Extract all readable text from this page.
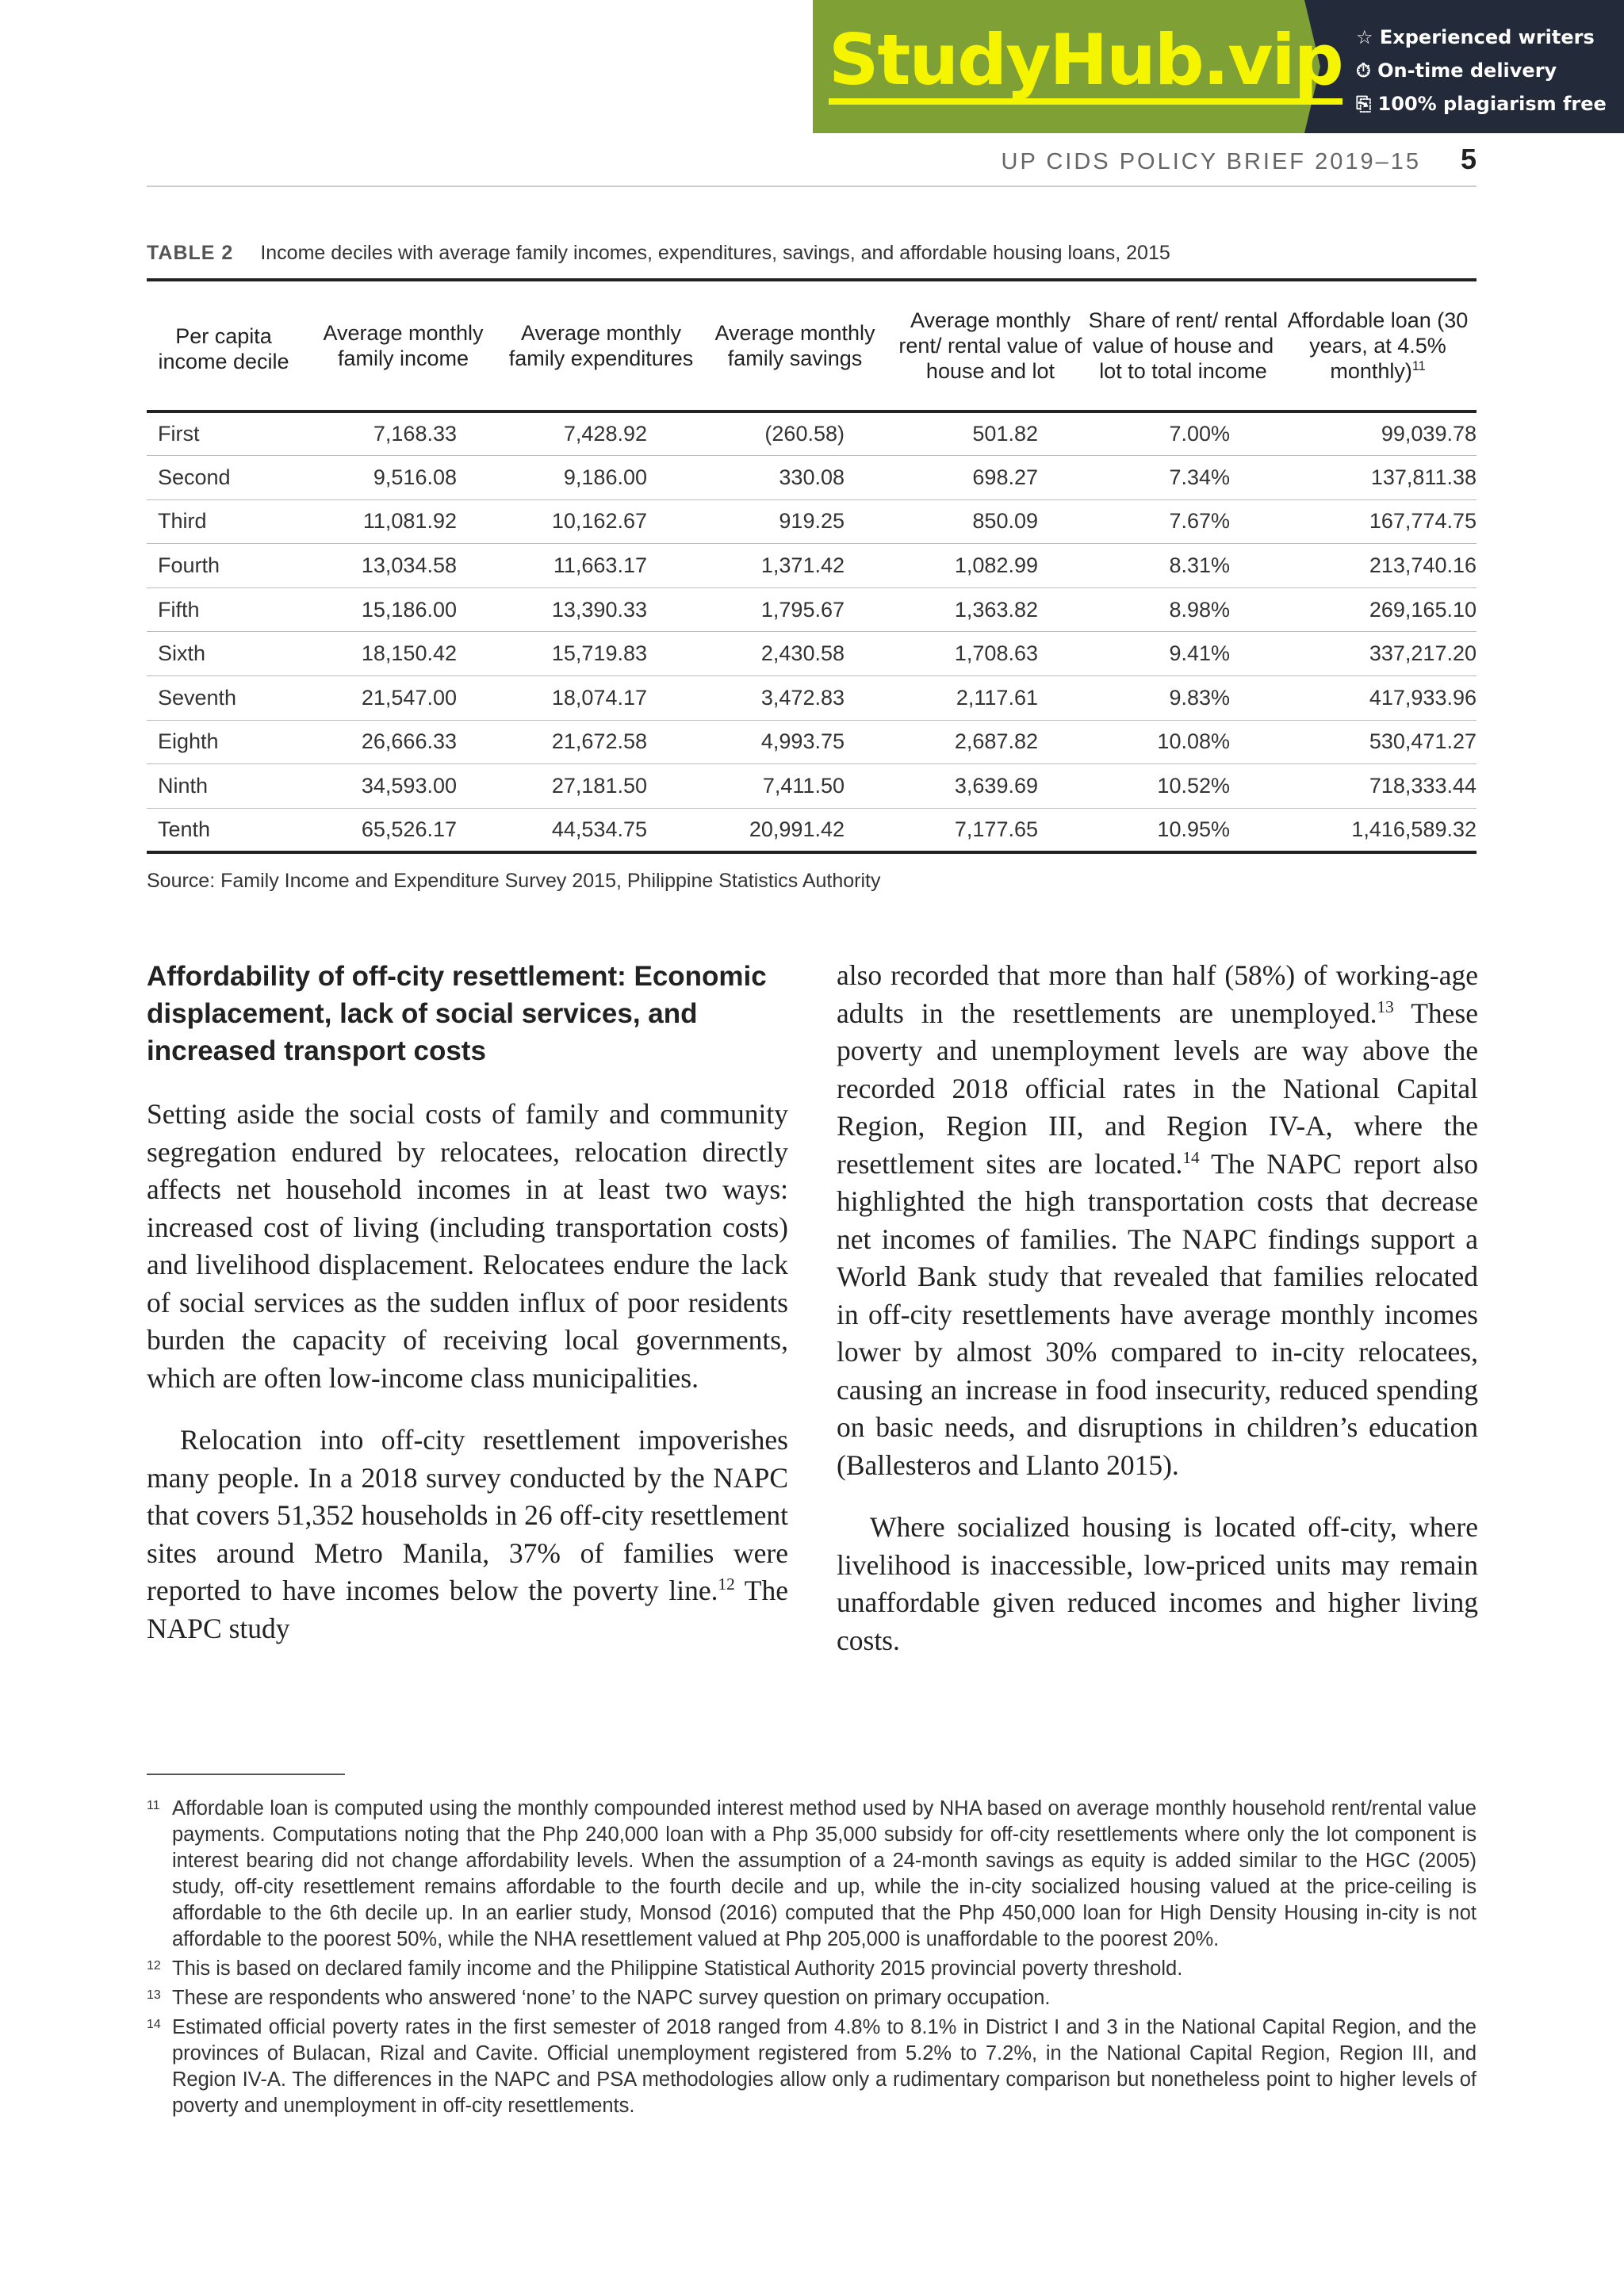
StudyHub.vip ☆ Experienced writers
⏱ On-time delivery
⎘ 100% plagiarism free
UP CIDS POLICY BRIEF 2019–15 5
TABLE 2 Income deciles with average family incomes, expenditures, savings, and affordable housing loans, 2015
Per capita income decile	Average monthly family income	Average monthly family expenditures	Average monthly family savings	Average monthly rent/ rental value of house and lot	Share of rent/ rental value of house and lot to total income	Affordable loan (30 years, at 4.5% monthly)$^{11}$
First	7,168.33	7,428.92	(260.58)	501.82	7.00%	99,039.78
Second	9,516.08	9,186.00	330.08	698.27	7.34%	137,811.38
Third	11,081.92	10,162.67	919.25	850.09	7.67%	167,774.75
Fourth	13,034.58	11,663.17	1,371.42	1,082.99	8.31%	213,740.16
Fifth	15,186.00	13,390.33	1,795.67	1,363.82	8.98%	269,165.10
Sixth	18,150.42	15,719.83	2,430.58	1,708.63	9.41%	337,217.20
Seventh	21,547.00	18,074.17	3,472.83	2,117.61	9.83%	417,933.96
Eighth	26,666.33	21,672.58	4,993.75	2,687.82	10.08%	530,471.27
Ninth	34,593.00	27,181.50	7,411.50	3,639.69	10.52%	718,333.44
Tenth	65,526.17	44,534.75	20,991.42	7,177.65	10.95%	1,416,589.32
Source: Family Income and Expenditure Survey 2015, Philippine Statistics Authority
Affordability of off-city resettlement: Economic displacement, lack of social services, and increased transport costs

Setting aside the social costs of family and community segregation endured by relocatees, relocation directly affects net household incomes in at least two ways: increased cost of living (including transportation costs) and livelihood displacement. Relocatees endure the lack of social services as the sudden influx of poor residents burden the capacity of receiving local governments, which are often low-income class municipalities.

Relocation into off-city resettlement impoverishes many people. In a 2018 survey conducted by the NAPC that covers 51,352 households in 26 off-city resettlement sites around Metro Manila, 37% of families were reported to have incomes below the poverty line.$^{12}$ The NAPC study

also recorded that more than half (58%) of working-age adults in the resettlements are unemployed.$^{13}$ These poverty and unemployment levels are way above the recorded 2018 official rates in the National Capital Region, Region III, and Region IV-A, where the resettlement sites are located.$^{14}$ The NAPC report also highlighted the high transportation costs that decrease net incomes of families. The NAPC findings support a World Bank study that revealed that families relocated in off-city resettlements have average monthly incomes lower by almost 30% compared to in-city relocatees, causing an increase in food insecurity, reduced spending on basic needs, and disruptions in children’s education (Ballesteros and Llanto 2015).

Where socialized housing is located off-city, where livelihood is inaccessible, low-priced units may remain unaffordable given reduced incomes and higher living costs.

11 Affordable loan is computed using the monthly compounded interest method used by NHA based on average monthly household rent/rental value payments. Computations noting that the Php 240,000 loan with a Php 35,000 subsidy for off-city resettlements where only the lot component is interest bearing did not change affordability levels. When the assumption of a 24-month savings as equity is added similar to the HGC (2005) study, off-city resettlement remains affordable to the fourth decile and up, while the in-city socialized housing valued at the price-ceiling is affordable to the 6th decile up. In an earlier study, Monsod (2016) computed that the Php 450,000 loan for High Density Housing in-city is not affordable to the poorest 50%, while the NHA resettlement valued at Php 205,000 is unaffordable to the poorest 20%.
12 This is based on declared family income and the Philippine Statistical Authority 2015 provincial poverty threshold.
13 These are respondents who answered ‘none’ to the NAPC survey question on primary occupation.
14 Estimated official poverty rates in the first semester of 2018 ranged from 4.8% to 8.1% in District I and 3 in the National Capital Region, and the provinces of Bulacan, Rizal and Cavite. Official unemployment registered from 5.2% to 7.2%, in the National Capital Region, Region III, and Region IV-A. The differences in the NAPC and PSA methodologies allow only a rudimentary comparison but nonetheless point to higher levels of poverty and unemployment in off-city resettlements.
